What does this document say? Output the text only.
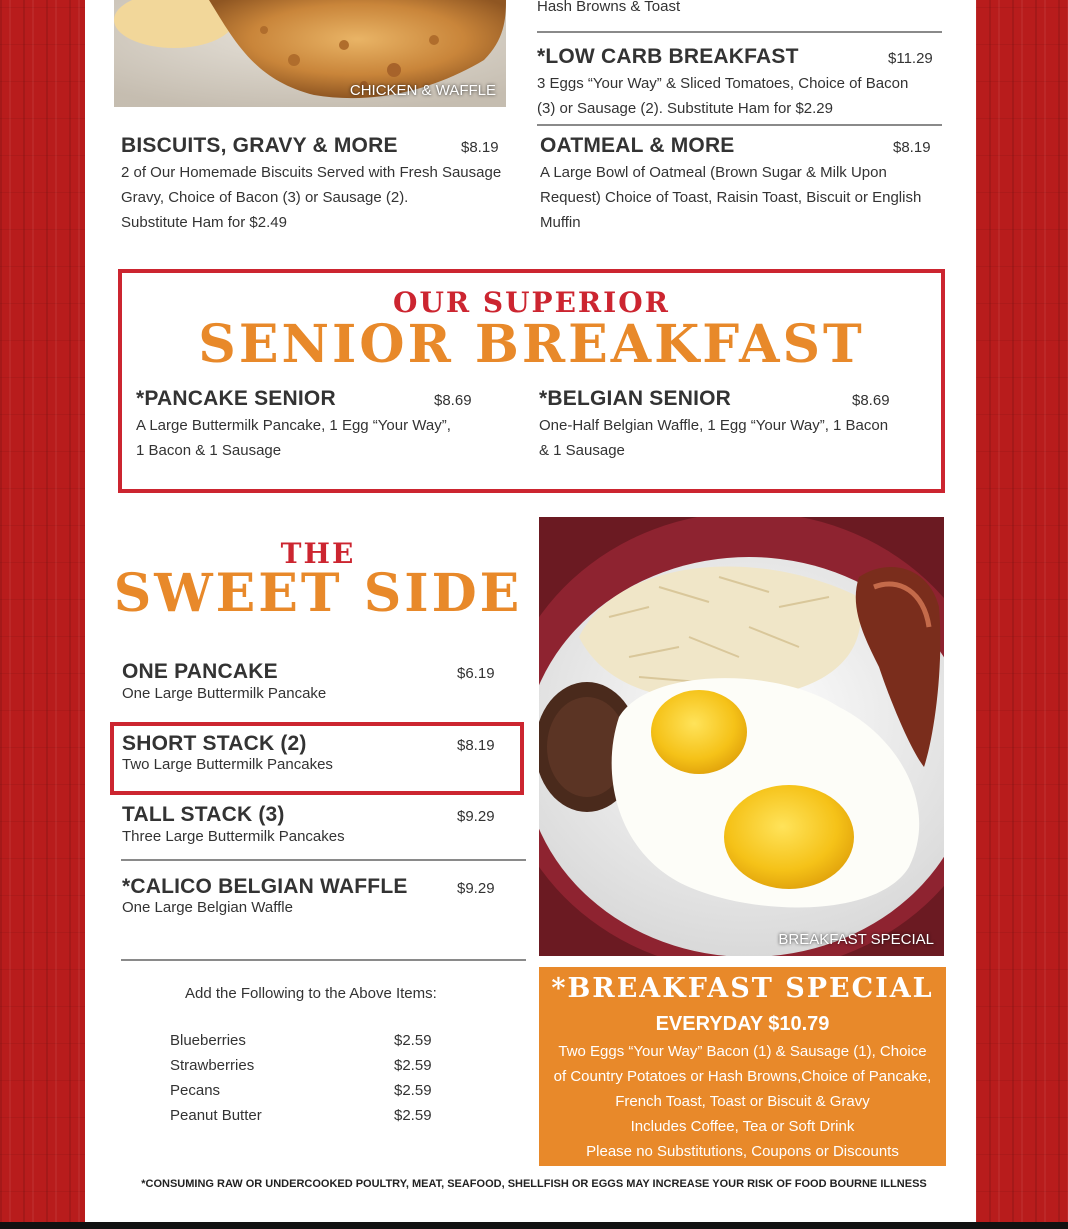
CHICKEN & WAFFLE
Hash Browns & Toast
*LOW CARB BREAKFAST	$11.29
3 Eggs “Your Way” & Sliced Tomatoes, Choice of Bacon
(3) or Sausage (2). Substitute Ham for $2.29
BISCUITS, GRAVY & MORE	$8.19
2 of Our Homemade Biscuits Served with Fresh Sausage
Gravy, Choice of Bacon (3) or Sausage (2).
Substitute Ham for $2.49
OATMEAL & MORE	$8.19
A Large Bowl of Oatmeal (Brown Sugar & Milk Upon
Request) Choice of Toast, Raisin Toast, Biscuit or English
Muffin
OUR SUPERIOR
SENIOR BREAKFAST
*PANCAKE SENIOR	$8.69
A Large Buttermilk Pancake, 1 Egg “Your Way”,
1 Bacon & 1 Sausage
*BELGIAN SENIOR	$8.69
One-Half Belgian Waffle, 1 Egg “Your Way”, 1 Bacon
& 1 Sausage
THE
SWEET SIDE
ONE PANCAKE	$6.19
One Large Buttermilk Pancake
SHORT STACK (2)	$8.19
Two Large Buttermilk Pancakes
TALL STACK (3)	$9.29
Three Large Buttermilk Pancakes
*CALICO BELGIAN WAFFLE	$9.29
One Large Belgian Waffle
Add the Following to the Above Items:
Blueberries	$2.59
Strawberries	$2.59
Pecans	$2.59
Peanut Butter	$2.59
BREAKFAST SPECIAL
*BREAKFAST SPECIAL
EVERYDAY $10.79
Two Eggs “Your Way” Bacon (1) & Sausage (1), Choice
of Country Potatoes or Hash Browns,Choice of Pancake,
French Toast, Toast or Biscuit & Gravy
Includes Coffee, Tea or Soft Drink
Please no Substitutions, Coupons or Discounts
*CONSUMING RAW OR UNDERCOOKED POULTRY, MEAT, SEAFOOD, SHELLFISH OR EGGS MAY INCREASE YOUR RISK OF FOOD BOURNE ILLNESS
